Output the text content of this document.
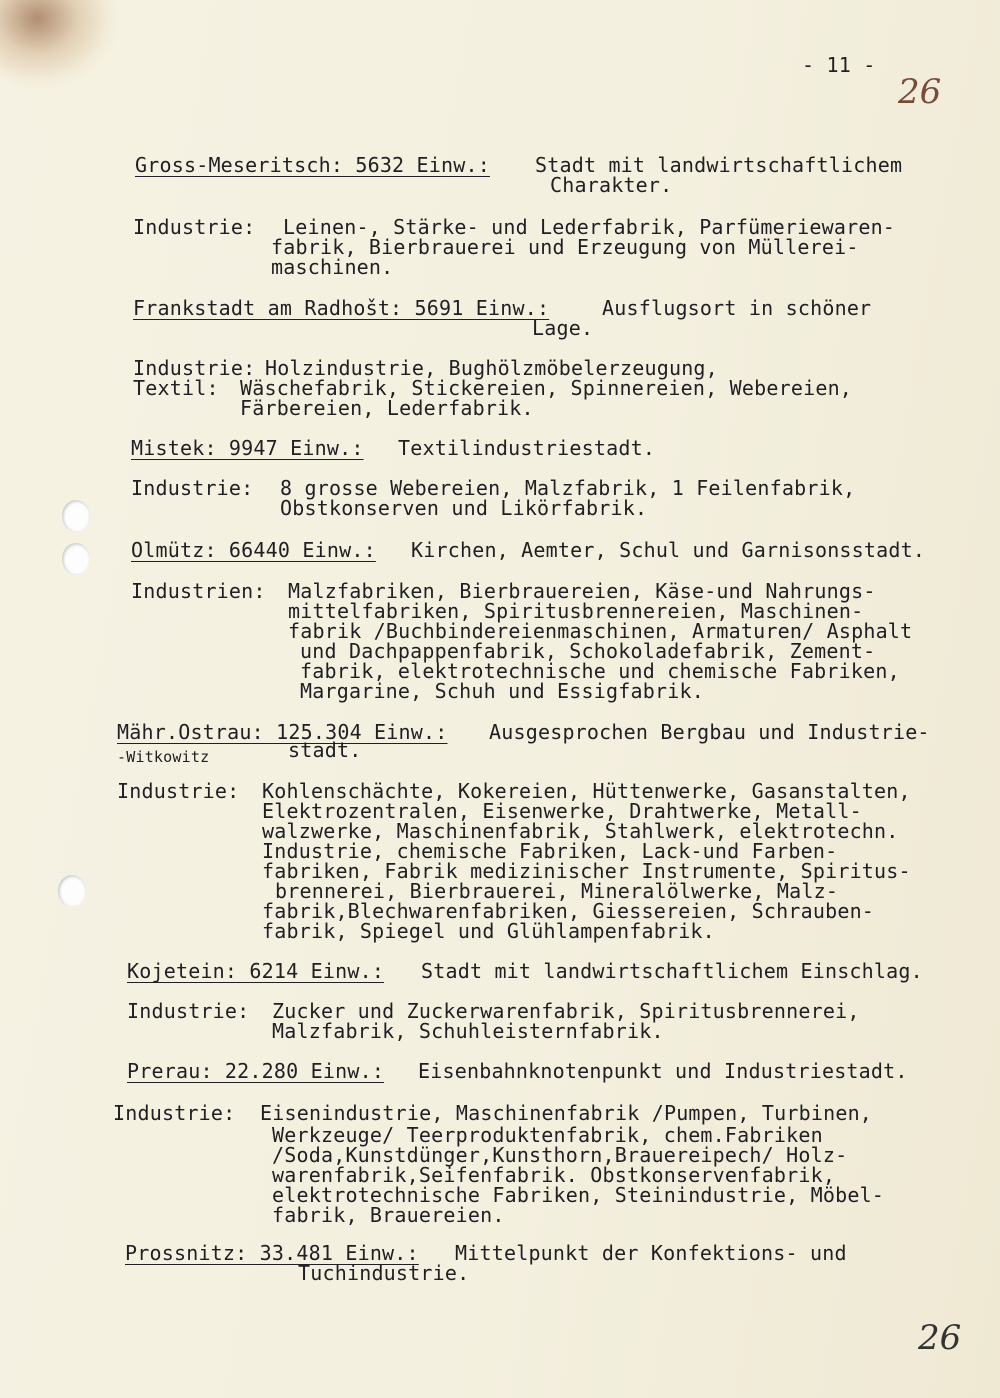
- 11 -
26
Gross-Meseritsch: 5632 Einw.: Stadt mit landwirtschaftlichem
Charakter.
Industrie: Leinen-, Stärke- und Lederfabrik, Parfümeriewaren-
fabrik, Bierbrauerei und Erzeugung von Müllerei-
maschinen.
Frankstadt am Radhošt: 5691 Einw.:	Ausflugsort in schöner
Lage.
Industrie: Holzindustrie, Bughölzmöbelerzeugung,
Textil: Wäschefabrik, Stickereien, Spinnereien, Webereien,
Färbereien, Lederfabrik.
Mistek: 9947 Einw.: Textilindustriestadt.
Industrie: 8 grosse Webereien, Malzfabrik, 1 Feilenfabrik,
Obstkonserven und Likörfabrik.
Olmütz: 66440 Einw.: Kirchen, Aemter, Schul und Garnisonsstadt.
Industrien: Malzfabriken, Bierbrauereien, Käse-und Nahrungs-
mittelfabriken, Spiritusbrennereien, Maschinen-
fabrik /Buchbindereienmaschinen, Armaturen/ Asphalt
und Dachpappenfabrik, Schokoladefabrik, Zement-
fabrik, elektrotechnische und chemische Fabriken,
Margarine, Schuh und Essigfabrik.
Mähr.Ostrau: 125.304 Einw.:
-Witkowitz
Ausgesprochen Bergbau und Industrie-
stadt.
Industrie: Kohlenschächte, Kokereien, Hüttenwerke, Gasanstalten,
Elektrozentralen, Eisenwerke, Drahtwerke, Metall-
walzwerke, Maschinenfabrik, Stahlwerk, elektrotechn.
Industrie, chemische Fabriken, Lack-und Farben-
fabriken, Fabrik medizinischer Instrumente, Spiritus-
brennerei, Bierbrauerei, Mineralölwerke, Malz-
fabrik,Blechwarenfabriken, Giessereien, Schrauben-
fabrik, Spiegel und Glühlampenfabrik.
Kojetein: 6214 Einw.: Stadt mit landwirtschaftlichem Einschlag.
Industrie: Zucker und Zuckerwarenfabrik, Spiritusbrennerei,
Malzfabrik, Schuhleisternfabrik.
Prerau: 22.280 Einw.: Eisenbahnknotenpunkt und Industriestadt.
Industrie: Eisenindustrie, Maschinenfabrik /Pumpen, Turbinen,
Werkzeuge/ Teerproduktenfabrik, chem.Fabriken
/Soda,Kunstdünger,Kunsthorn,Brauereipech/ Holz-
warenfabrik,Seifenfabrik. Obstkonservenfabrik,
elektrotechnische Fabriken, Steinindustrie, Möbel-
fabrik, Brauereien.
Prossnitz: 33.481 Einw.: Mittelpunkt der Konfektions- und
Tuchindustrie.
26
